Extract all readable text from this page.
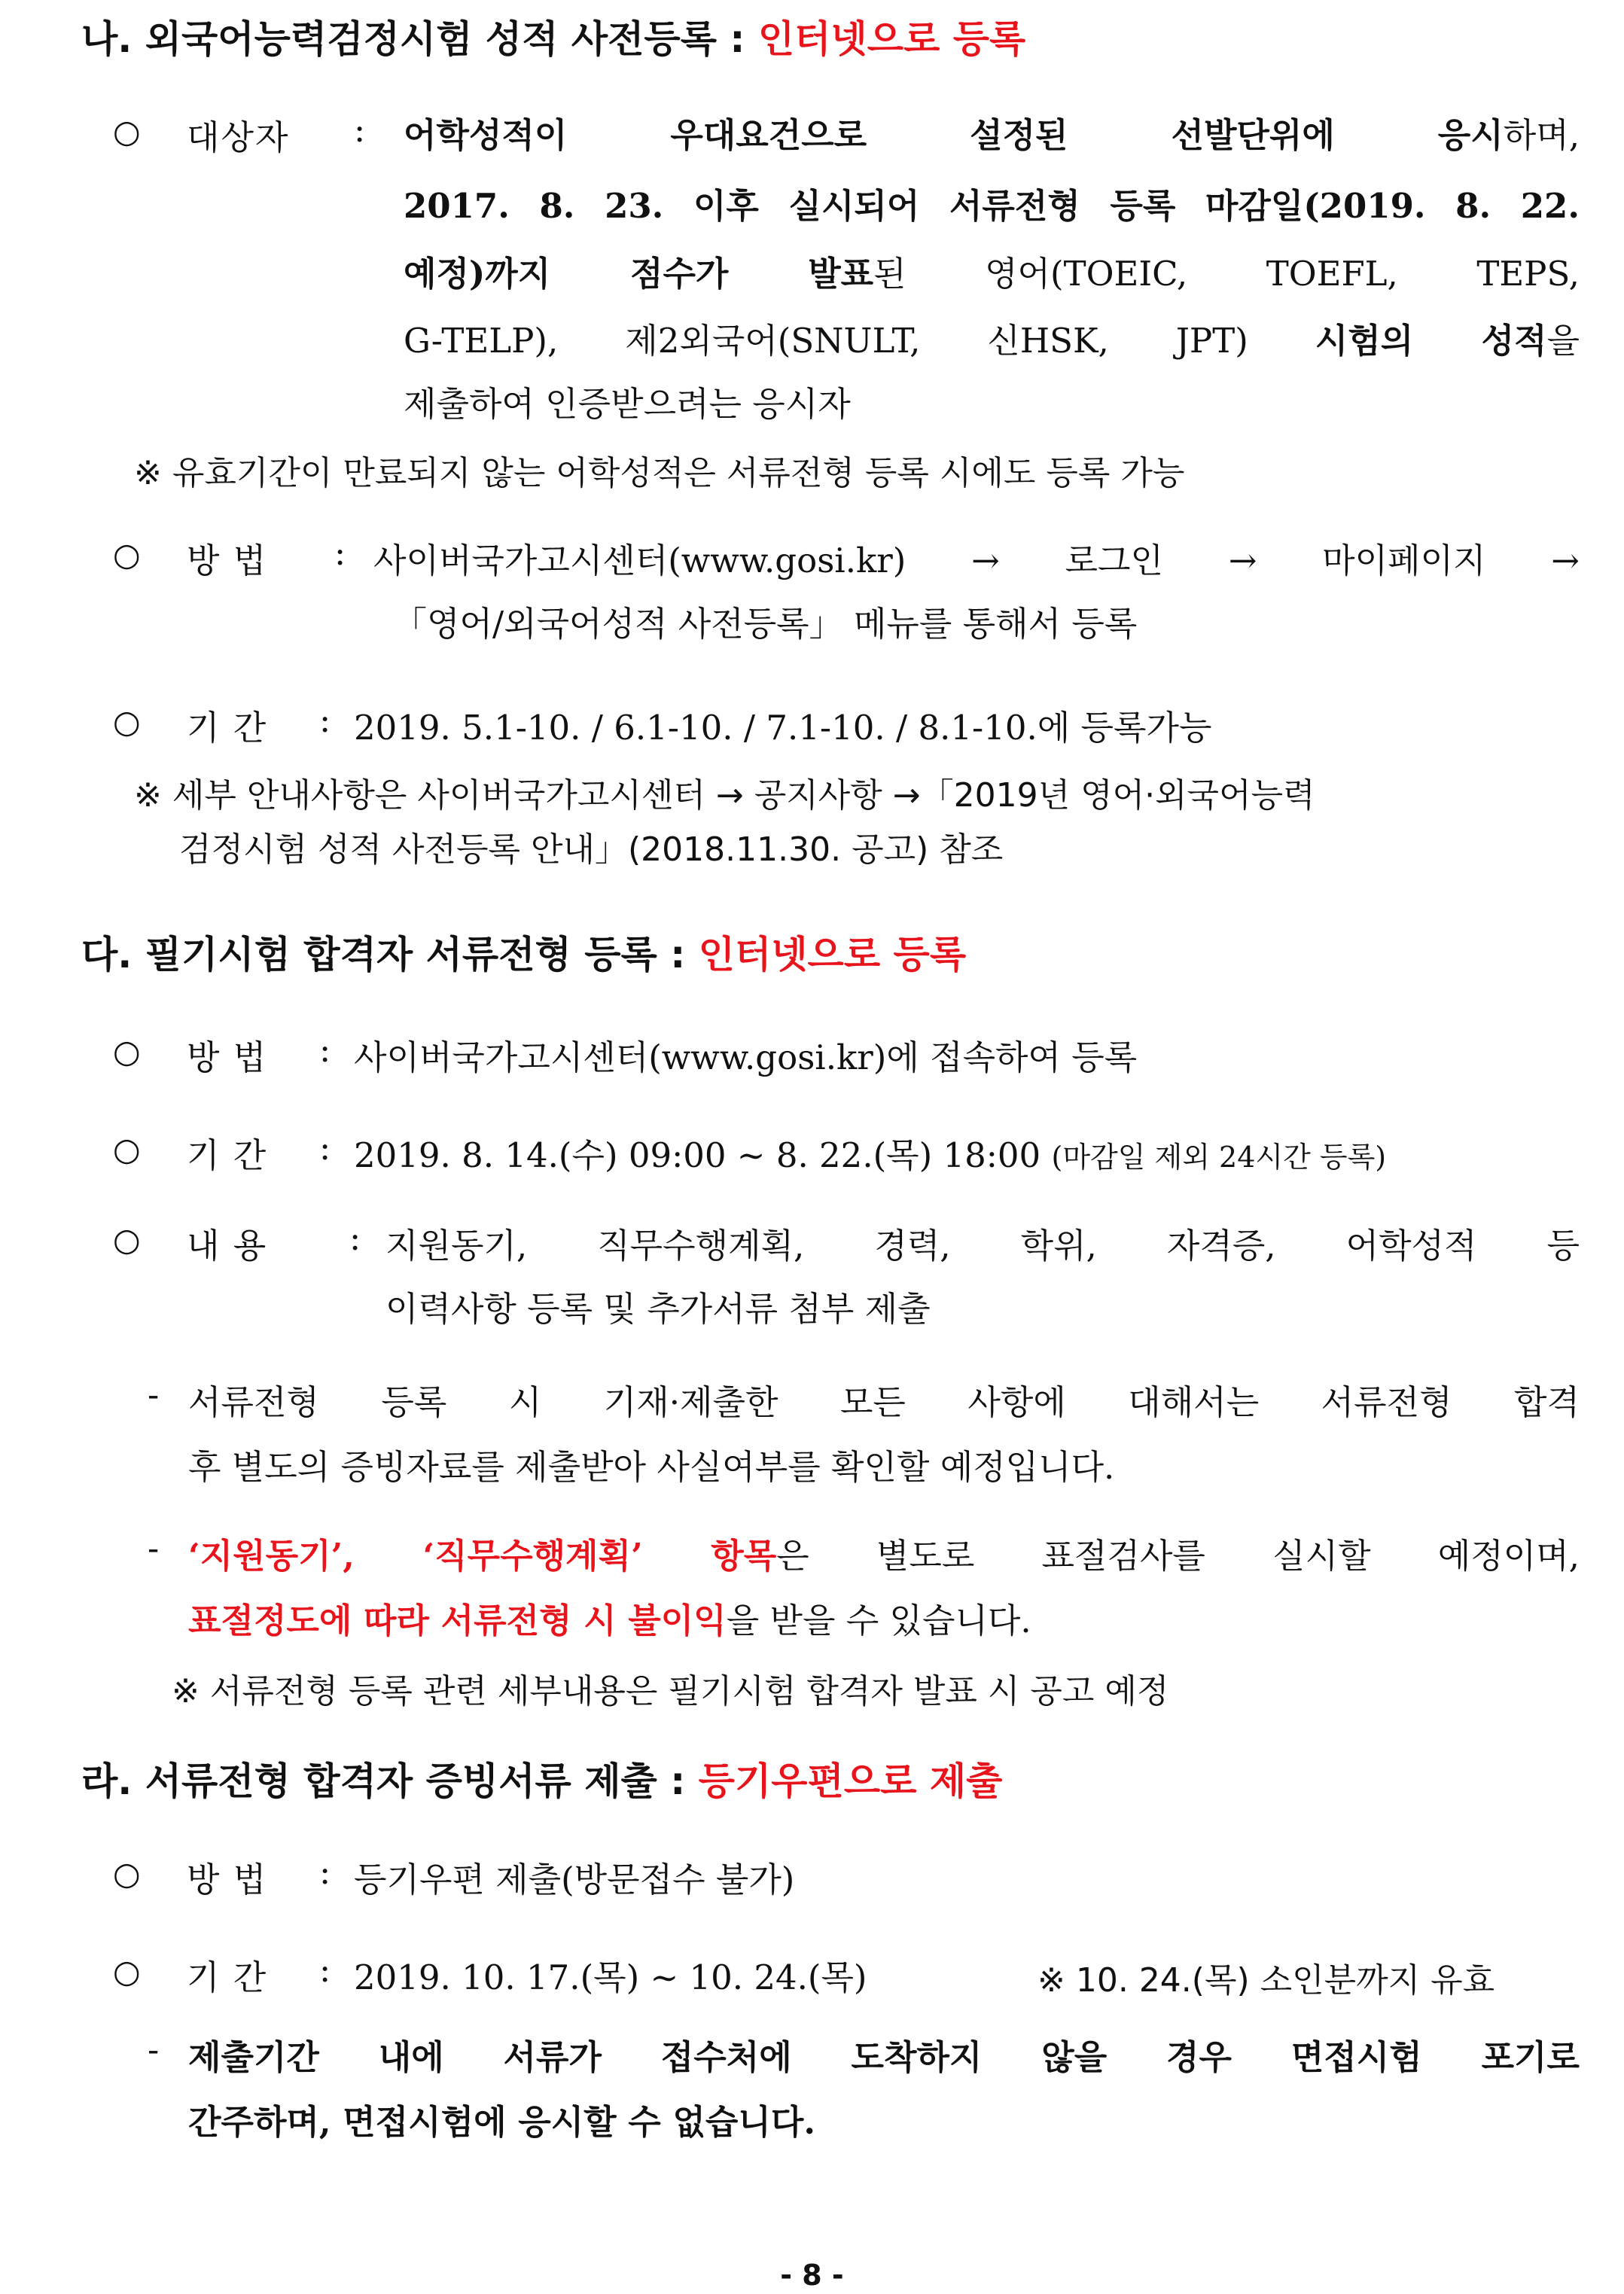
나. 외국어능력검정시험 성적 사전등록 : 인터넷으로 등록
○ 대상자 : 어학성적이 우대요건으로 설정된 선발단위에 응시하며,
2017. 8. 23. 이후 실시되어 서류전형 등록 마감일(2019. 8. 22.
예정)까지 점수가 발표된 영어(TOEIC, TOEFL, TEPS,
G-TELP), 제2외국어(SNULT, 신HSK, JPT) 시험의 성적을
제출하여 인증받으려는 응시자
※ 유효기간이 만료되지 않는 어학성적은 서류전형 등록 시에도 등록 가능
○ 방 법 : 사이버국가고시센터(www.gosi.kr) → 로그인 → 마이페이지 →
「영어/외국어성적 사전등록」 메뉴를 통해서 등록
○ 기 간 : 2019. 5.1-10. / 6.1-10. / 7.1-10. / 8.1-10.에 등록가능
※ 세부 안내사항은 사이버국가고시센터 → 공지사항 →「2019년 영어·외국어능력
검정시험 성적 사전등록 안내」(2018.11.30. 공고) 참조
다. 필기시험 합격자 서류전형 등록 : 인터넷으로 등록
○ 방 법 : 사이버국가고시센터(www.gosi.kr)에 접속하여 등록
○ 기 간 : 2019. 8. 14.(수) 09:00 ∼ 8. 22.(목) 18:00 (마감일 제외 24시간 등록)
○ 내 용 : 지원동기, 직무수행계획, 경력, 학위, 자격증, 어학성적 등
이력사항 등록 및 추가서류 첨부 제출
- 서류전형 등록 시 기재·제출한 모든 사항에 대해서는 서류전형 합격
후 별도의 증빙자료를 제출받아 사실여부를 확인할 예정입니다.
- ‘지원동기’, ‘직무수행계획’ 항목은 별도로 표절검사를 실시할 예정이며,
표절정도에 따라 서류전형 시 불이익을 받을 수 있습니다.
※ 서류전형 등록 관련 세부내용은 필기시험 합격자 발표 시 공고 예정
라. 서류전형 합격자 증빙서류 제출 : 등기우편으로 제출
○ 방 법 : 등기우편 제출(방문접수 불가)
○ 기 간 : 2019. 10. 17.(목) ∼ 10. 24.(목)	※ 10. 24.(목) 소인분까지 유효
- 제출기간 내에 서류가 접수처에 도착하지 않을 경우 면접시험 포기로
간주하며, 면접시험에 응시할 수 없습니다.
- 8 -
